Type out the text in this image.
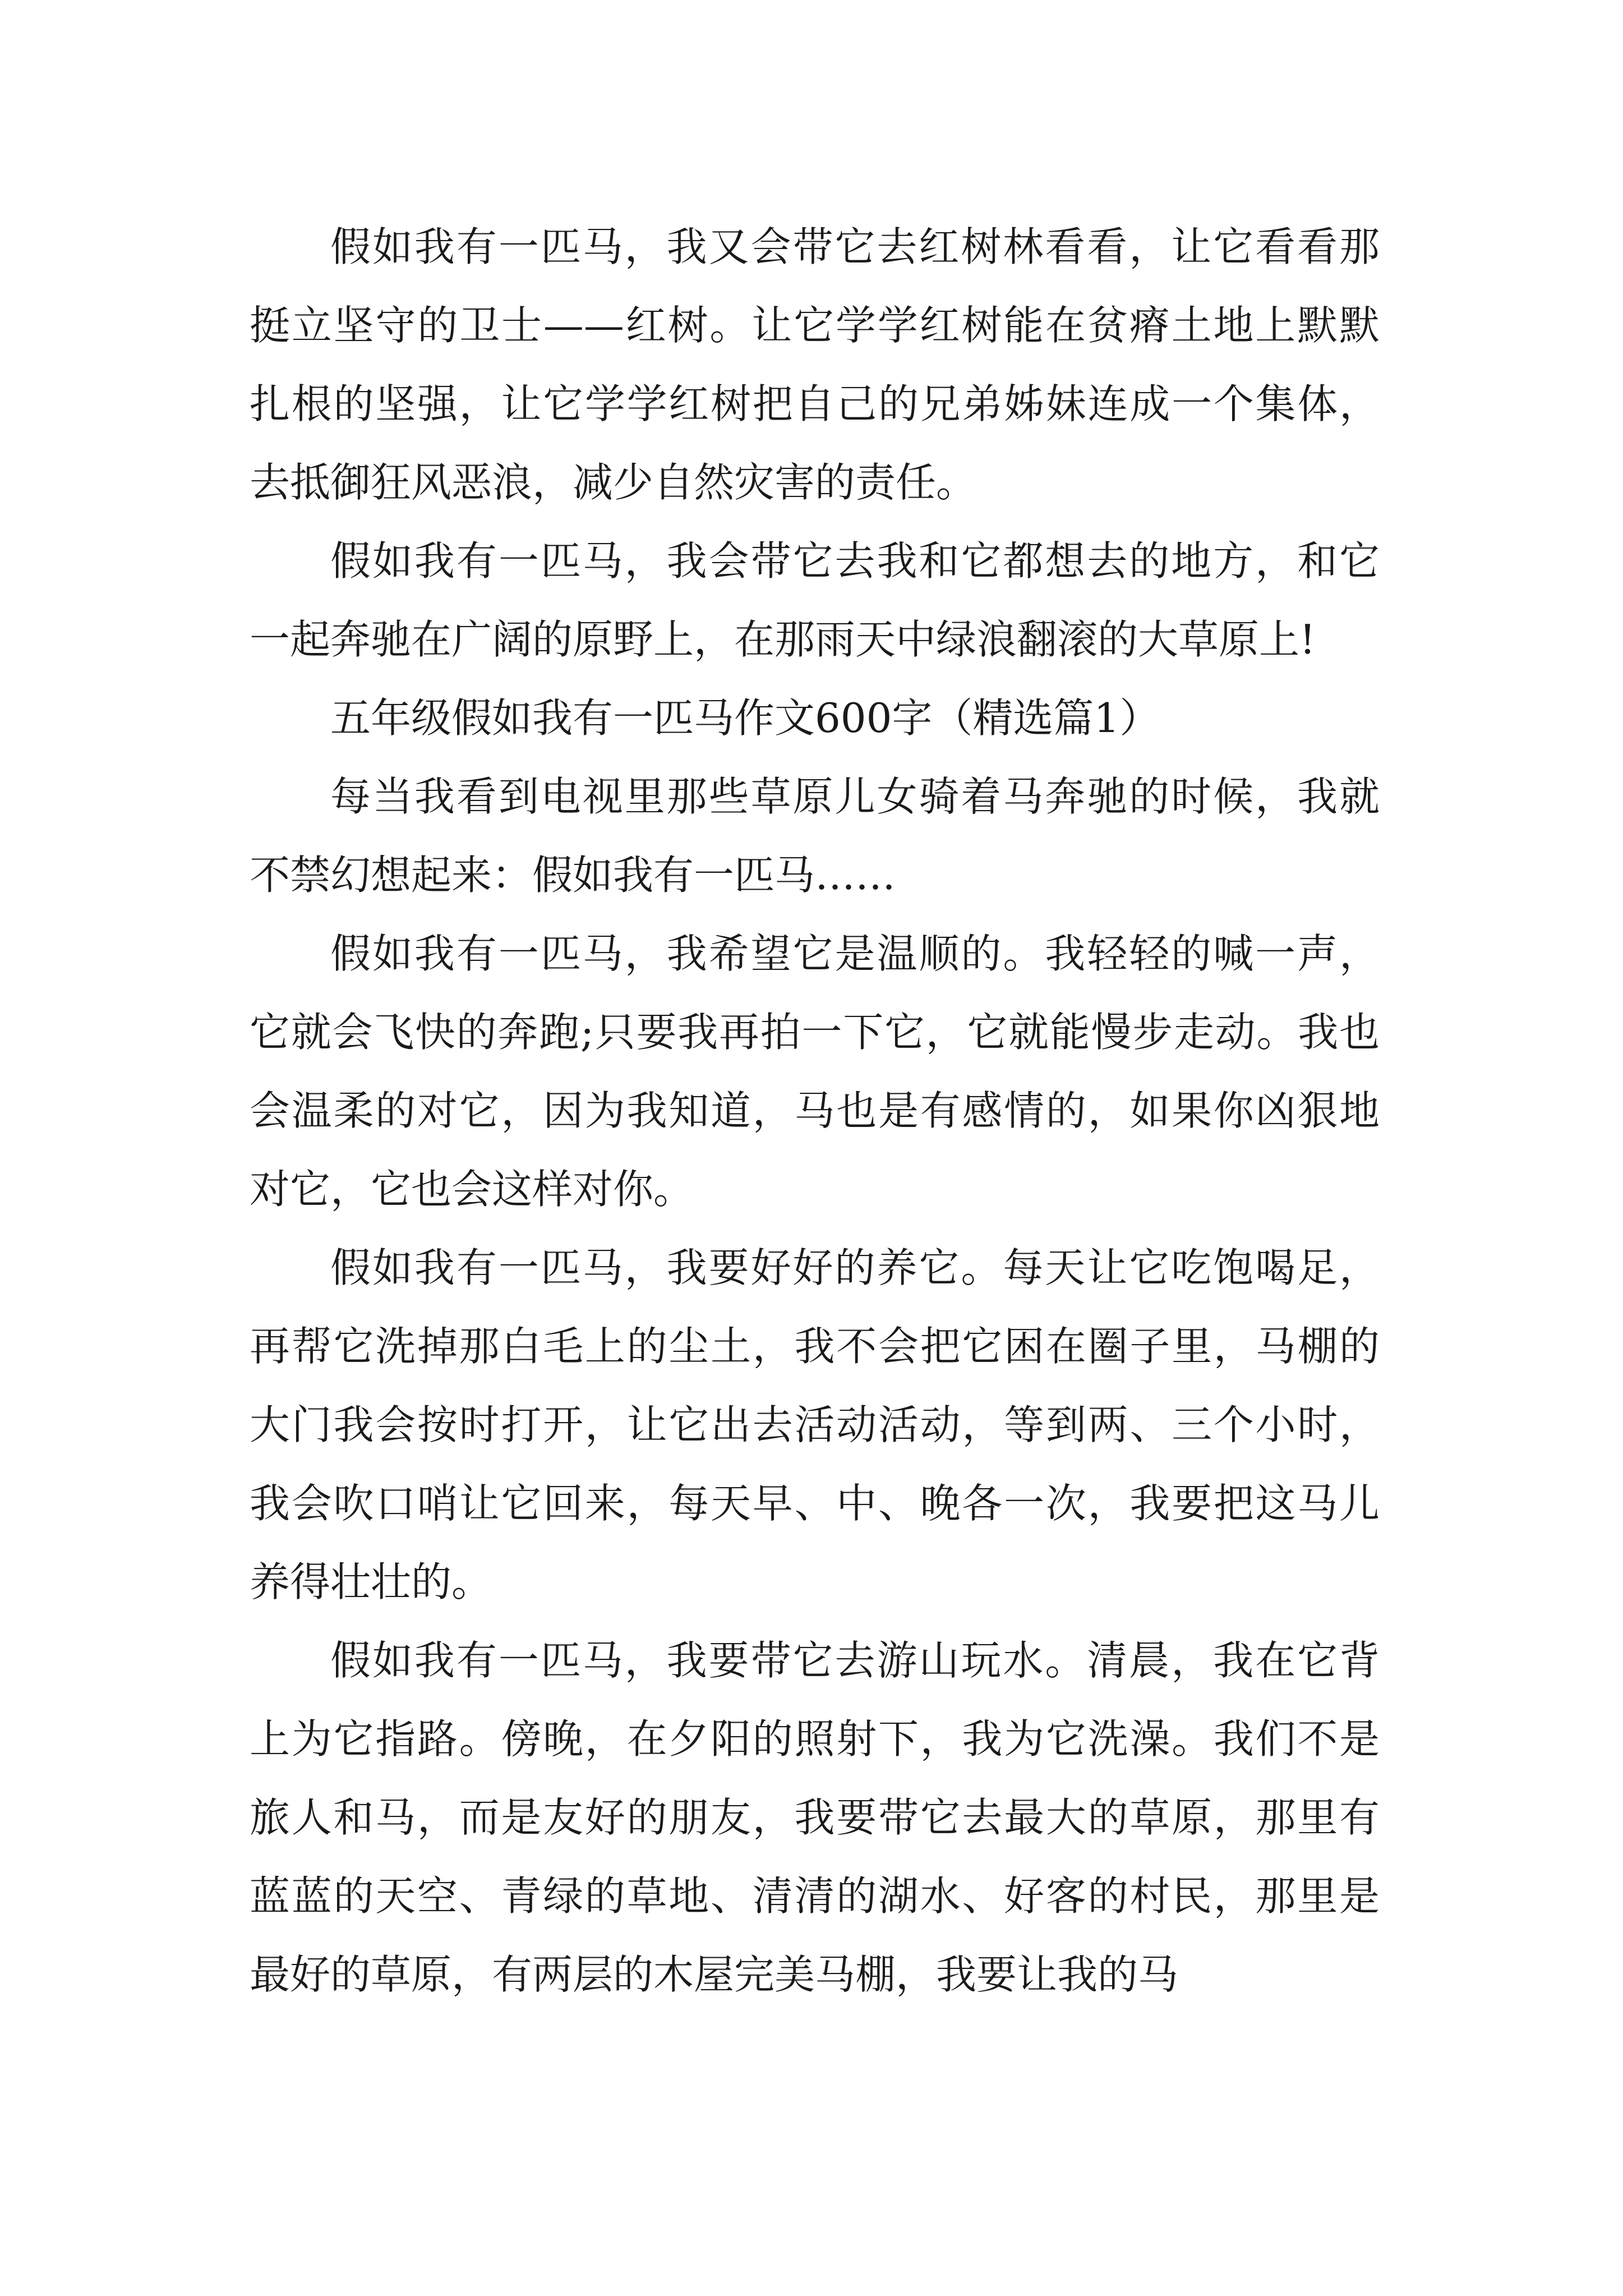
假如我有一匹马，我又会带它去红树林看看，让它看看那挺立坚守的卫士——红树。让它学学红树能在贫瘠土地上默默扎根的坚强，让它学学红树把自己的兄弟姊妹连成一个集体，去抵御狂风恶浪，减少自然灾害的责任。

假如我有一匹马，我会带它去我和它都想去的地方，和它一起奔驰在广阔的原野上，在那雨天中绿浪翻滚的大草原上!

五年级假如我有一匹马作文600字（精选篇1）

每当我看到电视里那些草原儿女骑着马奔驰的时候，我就不禁幻想起来：假如我有一匹马……

假如我有一匹马，我希望它是温顺的。我轻轻的喊一声，它就会飞快的奔跑;只要我再拍一下它，它就能慢步走动。我也会温柔的对它，因为我知道，马也是有感情的，如果你凶狠地对它，它也会这样对你。

假如我有一匹马，我要好好的养它。每天让它吃饱喝足，再帮它洗掉那白毛上的尘土，我不会把它困在圈子里，马棚的大门我会按时打开，让它出去活动活动，等到两、三个小时，我会吹口哨让它回来，每天早、中、晚各一次，我要把这马儿养得壮壮的。

假如我有一匹马，我要带它去游山玩水。清晨，我在它背上为它指路。傍晚，在夕阳的照射下，我为它洗澡。我们不是旅人和马，而是友好的朋友，我要带它去最大的草原，那里有蓝蓝的天空、青绿的草地、清清的湖水、好客的村民，那里是最好的草原，有两层的木屋完美马棚，我要让我的马
